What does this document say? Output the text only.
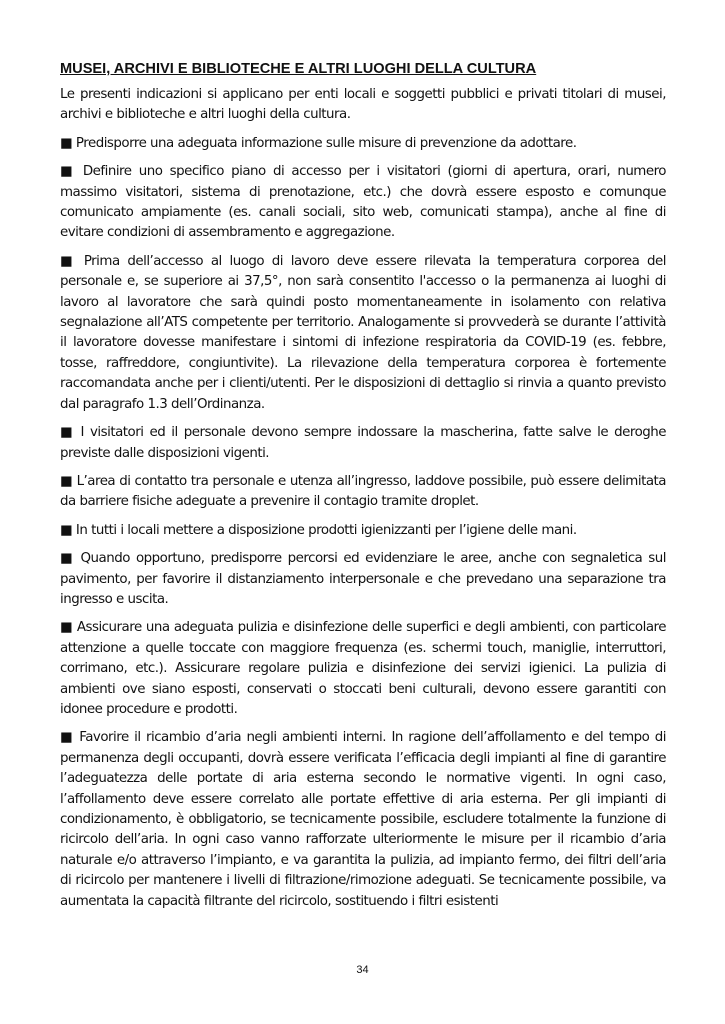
MUSEI, ARCHIVI E BIBLIOTECHE E ALTRI LUOGHI DELLA CULTURA

Le presenti indicazioni si applicano per enti locali e soggetti pubblici e privati titolari di musei, archivi e biblioteche e altri luoghi della cultura.

■ Predisporre una adeguata informazione sulle misure di prevenzione da adottare.

■ Definire uno specifico piano di accesso per i visitatori (giorni di apertura, orari, numero massimo visitatori, sistema di prenotazione, etc.) che dovrà essere esposto e comunque comunicato ampiamente (es. canali sociali, sito web, comunicati stampa), anche al fine di evitare condizioni di assembramento e aggregazione.

■ Prima dell’accesso al luogo di lavoro deve essere rilevata la temperatura corporea del personale e, se superiore ai 37,5°, non sarà consentito l'accesso o la permanenza ai luoghi di lavoro al lavoratore che sarà quindi posto momentaneamente in isolamento con relativa segnalazione all’ATS competente per territorio. Analogamente si provvederà se durante l’attività il lavoratore dovesse manifestare i sintomi di infezione respiratoria da COVID-19 (es. febbre, tosse, raffreddore, congiuntivite). La rilevazione della temperatura corporea è fortemente raccomandata anche per i clienti/utenti. Per le disposizioni di dettaglio si rinvia a quanto previsto dal paragrafo 1.3 dell’Ordinanza.

■ I visitatori ed il personale devono sempre indossare la mascherina, fatte salve le deroghe previste dalle disposizioni vigenti.

■ L’area di contatto tra personale e utenza all’ingresso, laddove possibile, può essere delimitata da barriere fisiche adeguate a prevenire il contagio tramite droplet.

■ In tutti i locali mettere a disposizione prodotti igienizzanti per l’igiene delle mani.

■ Quando opportuno, predisporre percorsi ed evidenziare le aree, anche con segnaletica sul pavimento, per favorire il distanziamento interpersonale e che prevedano una separazione tra ingresso e uscita.

■ Assicurare una adeguata pulizia e disinfezione delle superfici e degli ambienti, con particolare attenzione a quelle toccate con maggiore frequenza (es. schermi touch, maniglie, interruttori, corrimano, etc.). Assicurare regolare pulizia e disinfezione dei servizi igienici. La pulizia di ambienti ove siano esposti, conservati o stoccati beni culturali, devono essere garantiti con idonee procedure e prodotti.

■ Favorire il ricambio d’aria negli ambienti interni. In ragione dell’affollamento e del tempo di permanenza degli occupanti, dovrà essere verificata l’efficacia degli impianti al fine di garantire l’adeguatezza delle portate di aria esterna secondo le normative vigenti. In ogni caso, l’affollamento deve essere correlato alle portate effettive di aria esterna. Per gli impianti di condizionamento, è obbligatorio, se tecnicamente possibile, escludere totalmente la funzione di ricircolo dell’aria. In ogni caso vanno rafforzate ulteriormente le misure per il ricambio d’aria naturale e/o attraverso l’impianto, e va garantita la pulizia, ad impianto fermo, dei filtri dell’aria di ricircolo per mantenere i livelli di filtrazione/rimozione adeguati. Se tecnicamente possibile, va aumentata la capacità filtrante del ricircolo, sostituendo i filtri esistenti

34
